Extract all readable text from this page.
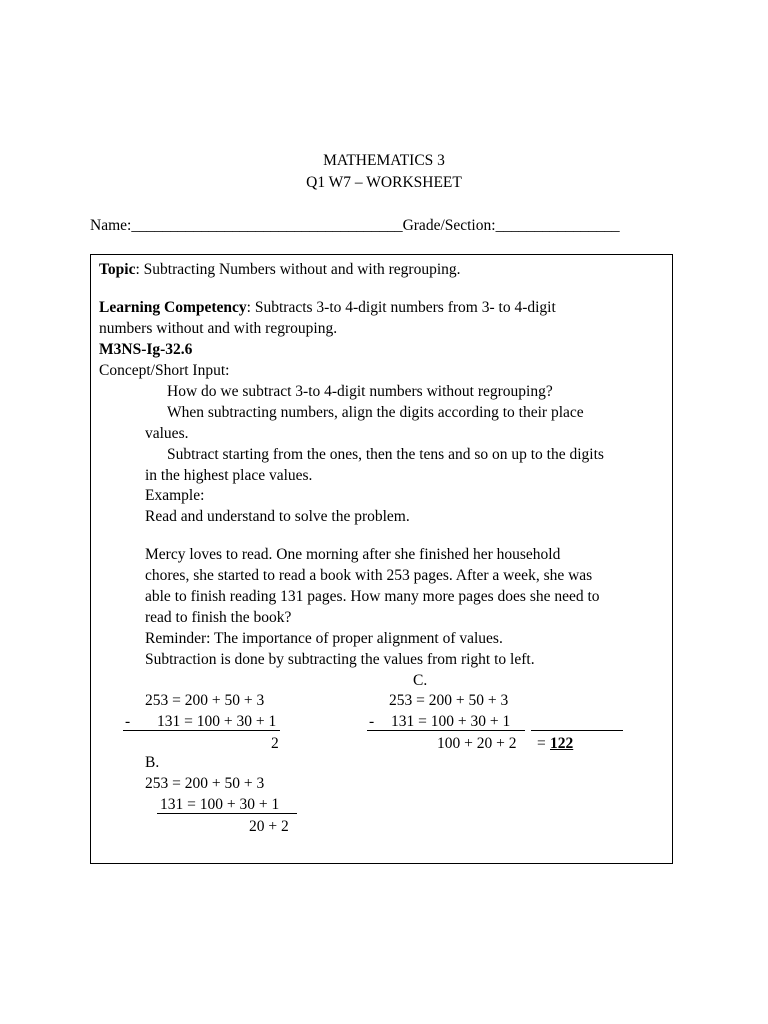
MATHEMATICS 3
Q1 W7 – WORKSHEET
Name:___________________________________Grade/Section:________________
Topic: Subtracting Numbers without and with regrouping.
Learning Competency: Subtracts 3-to 4-digit numbers from 3- to 4-digit
numbers without and with regrouping.
M3NS-Ig-32.6
Concept/Short Input:
How do we subtract 3-to 4-digit numbers without regrouping?
When subtracting numbers, align the digits according to their place
values.
Subtract starting from the ones, then the tens and so on up to the digits
in the highest place values.
Example:
Read and understand to solve the problem.
Mercy loves to read. One morning after she finished her household
chores, she started to read a book with 253 pages. After a week, she was
able to finish reading 131 pages. How many more pages does she need to
read to finish the book?
Reminder: The importance of proper alignment of values.
Subtraction is done by subtracting the values from right to left.
C.
253 = 200 + 50 + 3
- 131 = 100 + 30 + 1
2
253 = 200 + 50 + 3
- 131 = 100 + 30 + 1
100 + 20 + 2 = 122
B.
253 = 200 + 50 + 3
131 = 100 + 30 + 1
20 + 2
